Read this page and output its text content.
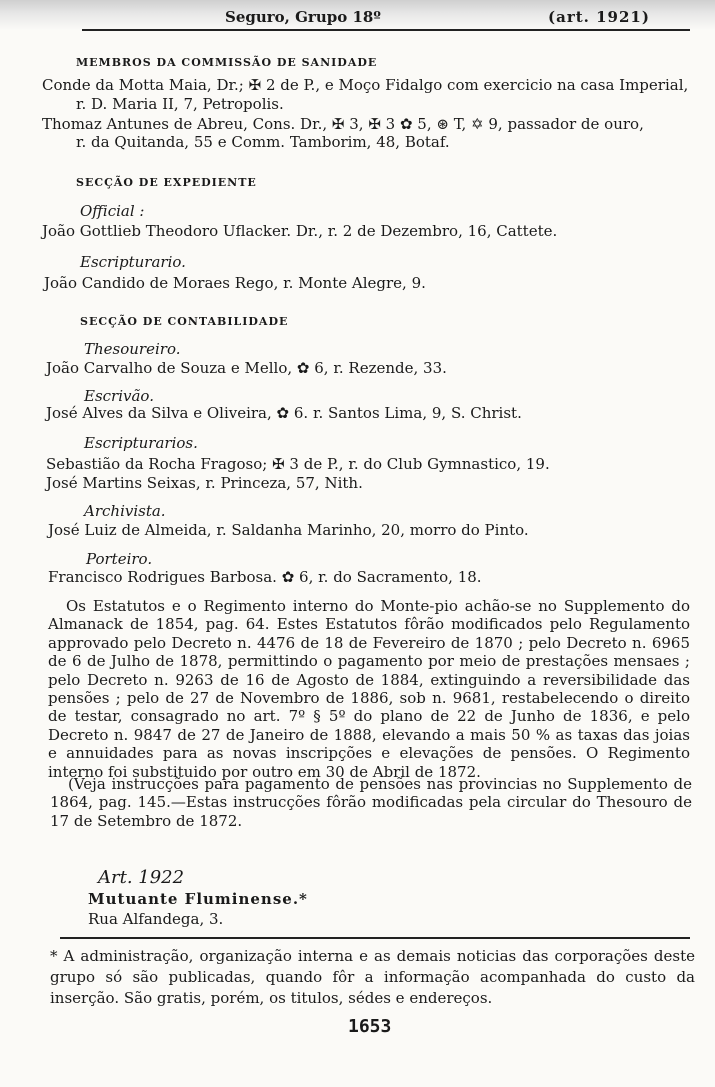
Seguro, Grupo 18º	(art. 1921)
MEMBROS DA COMMISSÃO DE SANIDADE
Conde da Motta Maia, Dr.; ✠ 2 de P., e Moço Fidalgo com exercicio na casa Imperial,
r. D. Maria II, 7, Petropolis.
Thomaz Antunes de Abreu, Cons. Dr., ✠ 3, ✠ 3 ✿ 5, ⊛ T, ✡ 9, passador de ouro,
r. da Quitanda, 55 e Comm. Tamborim, 48, Botaf.
SECÇÃO DE EXPEDIENTE
Official :
João Gottlieb Theodoro Uflacker. Dr., r. 2 de Dezembro, 16, Cattete.
Escripturario.
João Candido de Moraes Rego, r. Monte Alegre, 9.
SECÇÃO DE CONTABILIDADE
Thesoureiro.
João Carvalho de Souza e Mello, ✿ 6, r. Rezende, 33.
Escrivão.
José Alves da Silva e Oliveira, ✿ 6. r. Santos Lima, 9, S. Christ.
Escripturarios.
Sebastião da Rocha Fragoso; ✠ 3 de P., r. do Club Gymnastico, 19.
José Martins Seixas, r. Princeza, 57, Nith.
Archivista.
José Luiz de Almeida, r. Saldanha Marinho, 20, morro do Pinto.
Porteiro.
Francisco Rodrigues Barbosa. ✿ 6, r. do Sacramento, 18.

Os Estatutos e o Regimento interno do Monte-pio achão-se no Supplemento do Almanack de 1854, pag. 64. Estes Estatutos fôrão modificados pelo Regulamento approvado pelo Decreto n. 4476 de 18 de Fevereiro de 1870 ; pelo Decreto n. 6965 de 6 de Julho de 1878, permittindo o pagamento por meio de prestações mensaes ; pelo Decreto n. 9263 de 16 de Agosto de 1884, extinguindo a reversibilidade das pensões ; pelo de 27 de Novembro de 1886, sob n. 9681, restabelecendo o direito de testar, consagrado no art. 7º § 5º do plano de 22 de Junho de 1836, e pelo Decreto n. 9847 de 27 de Janeiro de 1888, elevando a mais 50 % as taxas das joias e annuidades para as novas inscripções e elevações de pensões. O Regimento interno foi substituido por outro em 30 de Abril de 1872.

(Veja instrucções para pagamento de pensões nas provincias no Supplemento de 1864, pag. 145.—Estas instrucções fôrão modificadas pela circular do Thesouro de 17 de Setembro de 1872.

Art. 1922
Mutuante Fluminense.*
Rua Alfandega, 3.
* A administração, organização interna e as demais noticias das corporações deste grupo só são publicadas, quando fôr a informação acompanhada do custo da inserção. São gratis, porém, os titulos, sédes e endereços.
1653
